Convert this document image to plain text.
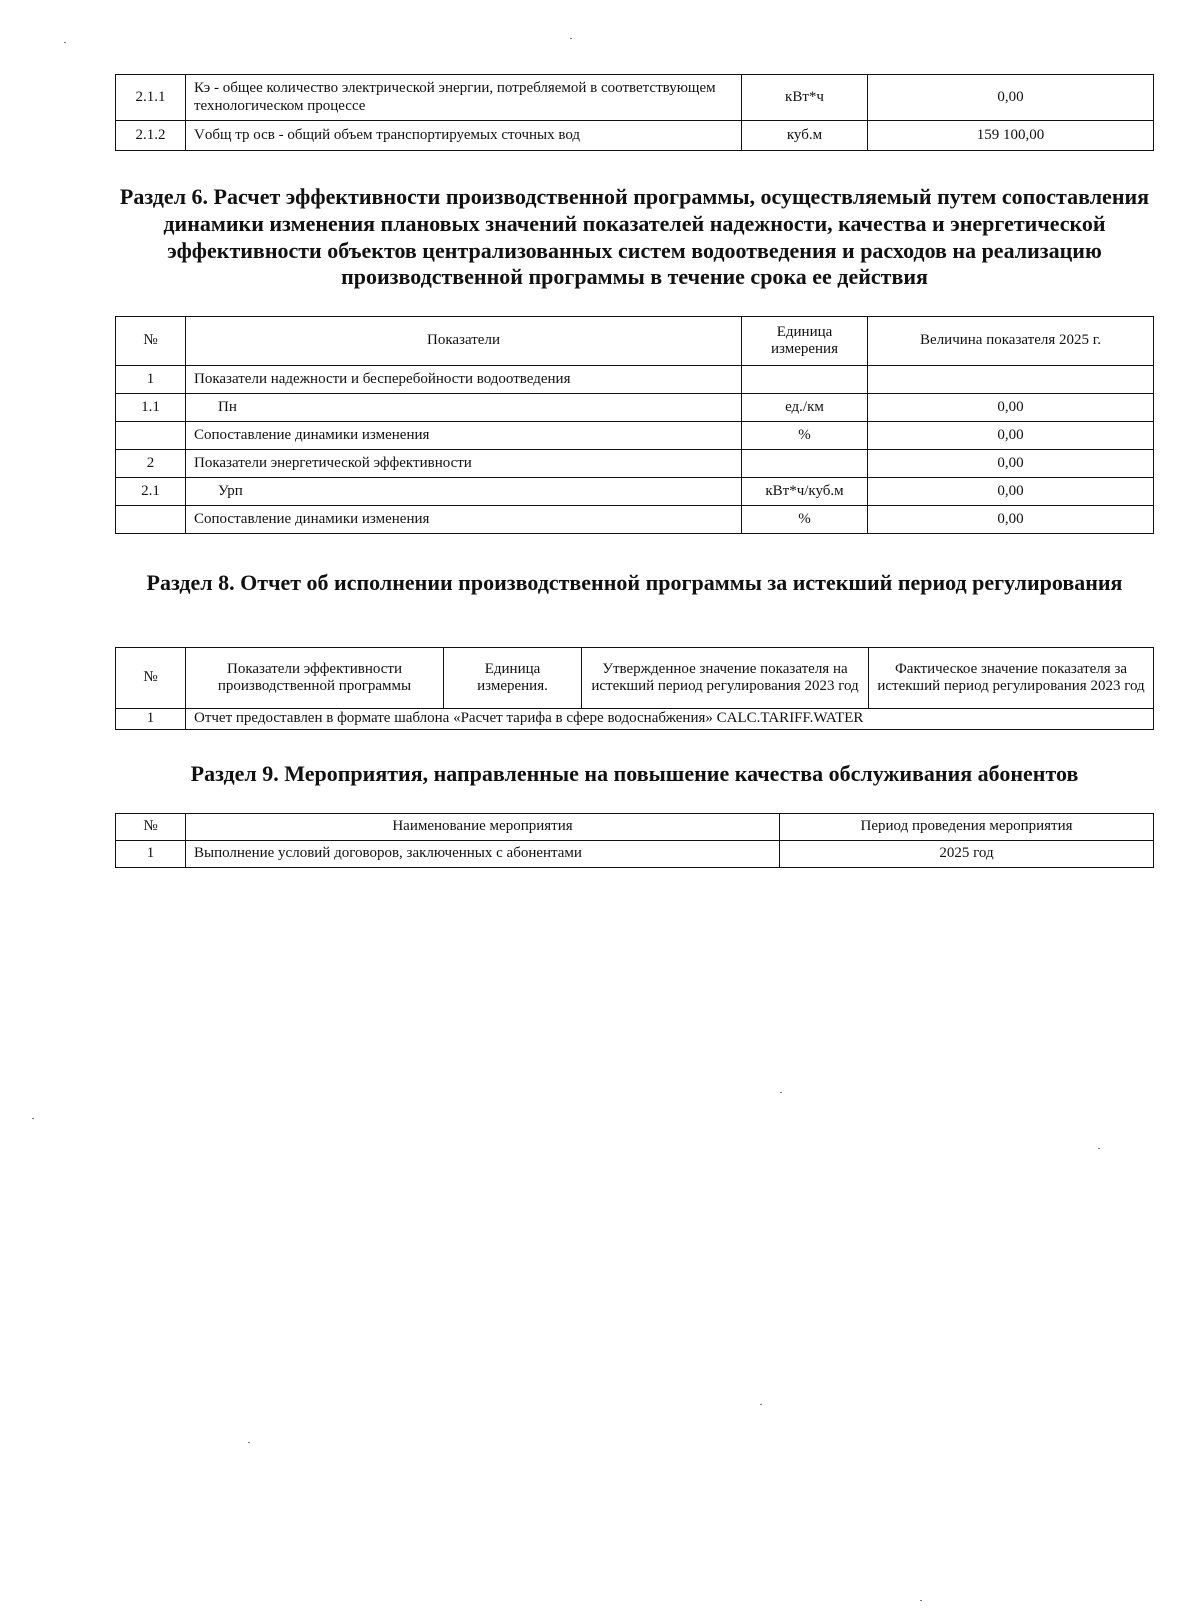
2.1.1	Кэ - общее количество электрической энергии, потребляемой в соответствующем технологическом процессе	кВт*ч	0,00
2.1.2	Vобщ тр осв - общий объем транспортируемых сточных вод	куб.м	159 100,00
Раздел 6. Расчет эффективности производственной программы, осуществляемый путем сопоставления динамики изменения плановых значений показателей надежности, качества и энергетической эффективности объектов централизованных систем водоотведения и расходов на реализацию производственной программы в течение срока ее действия
№	Показатели	Единица измерения	Величина показателя 2025 г.
1	Показатели надежности и бесперебойности водоотведения		
1.1	Пн	ед./км	0,00
	Сопоставление динамики изменения	%	0,00
2	Показатели энергетической эффективности		0,00
2.1	Урп	кВт*ч/куб.м	0,00
	Сопоставление динамики изменения	%	0,00
Раздел 8. Отчет об исполнении производственной программы за истекший период регулирования
№	Показатели эффективности производственной программы	Единица измерения.	Утвержденное значение показателя на истекший период регулирования 2023 год	Фактическое значение показателя за истекший период регулирования 2023 год
1	Отчет предоставлен в формате шаблона «Расчет тарифа в сфере водоснабжения» CALC.TARIFF.WATER			
Раздел 9. Мероприятия, направленные на повышение качества обслуживания абонентов
№	Наименование мероприятия	Период проведения мероприятия
1	Выполнение условий договоров, заключенных с абонентами	2025 год
